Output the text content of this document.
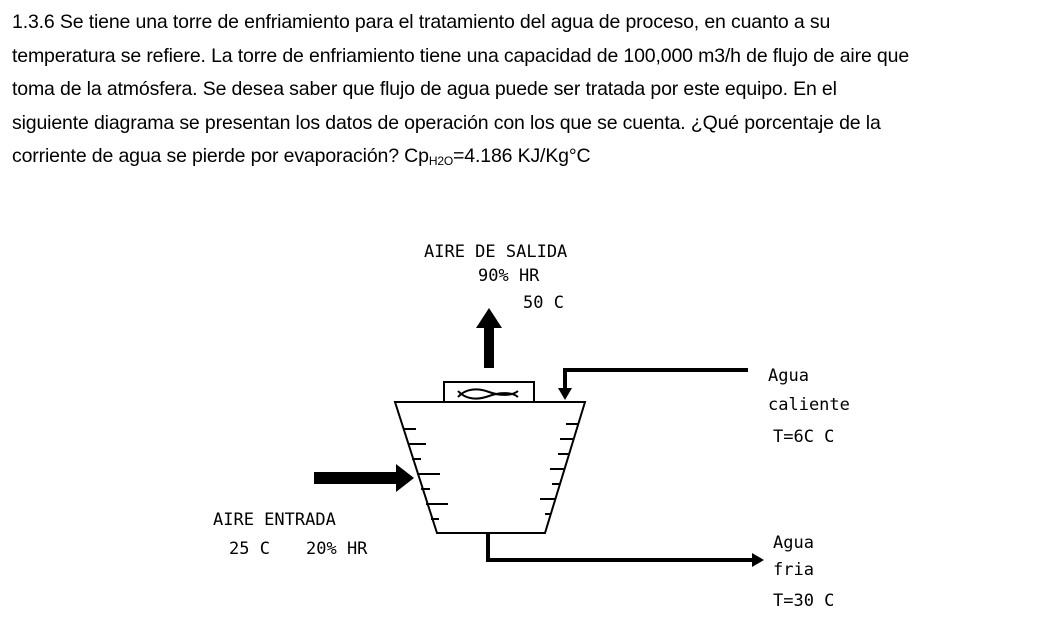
1.3.6 Se tiene una torre de enfriamiento para el tratamiento del agua de proceso, en cuanto a su

temperatura se refiere. La torre de enfriamiento tiene una capacidad de 100,000 m3/h de flujo de aire que

toma de la atmósfera. Se desea saber que flujo de agua puede ser tratada por este equipo. En el

siguiente diagrama se presentan los datos de operación con los que se cuenta. ¿Qué porcentaje de la

corriente de agua se pierde por evaporación? $Cp_{H2O}=4.186$ KJ/Kg°C

AIRE DE SALIDA
90% HR
50 C
Agua
caliente
T=6C C
AIRE ENTRADA
25 C 20% HR	Agua
fria
T=30 C
